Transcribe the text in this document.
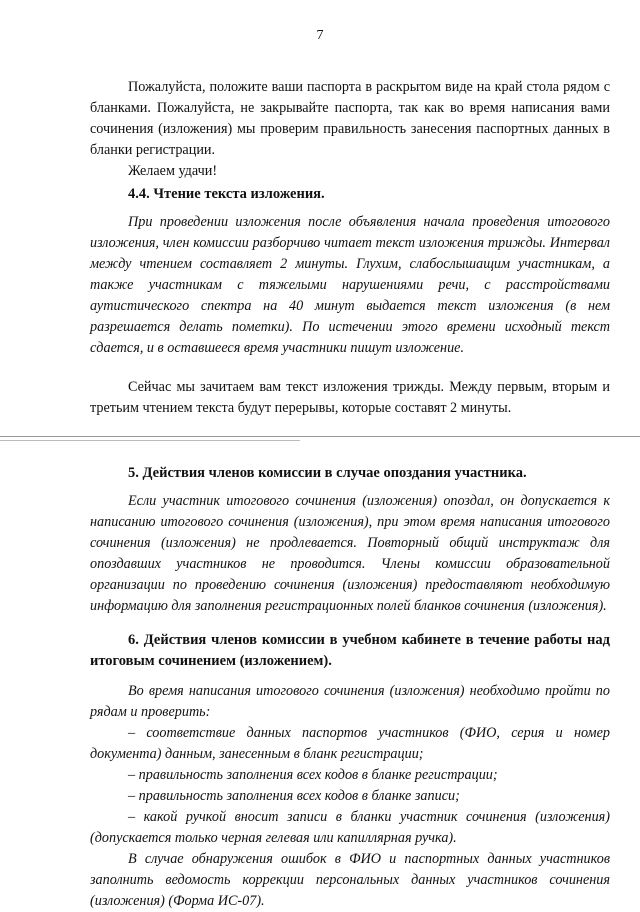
7

Пожалуйста, положите ваши паспорта в раскрытом виде на край стола рядом с бланками. Пожалуйста, не закрывайте паспорта, так как во время написания вами сочинения (изложения) мы проверим правильность занесения паспортных данных в бланки регистрации.

Желаем удачи!

4.4. Чтение текста изложения.

При проведении изложения после объявления начала проведения итогового изложения, член комиссии разборчиво читает текст изложения трижды. Интервал между чтением составляет 2 минуты. Глухим, слабослышащим участникам, а также участникам с тяжелыми нарушениями речи, с расстройствами аутистического спектра на 40 минут выдается текст изложения (в нем разрешается делать пометки). По истечении этого времени исходный текст сдается, и в оставшееся время участники пишут изложение.

Сейчас мы зачитаем вам текст изложения трижды. Между первым, вторым и третьим чтением текста будут перерывы, которые составят 2 минуты.

5. Действия членов комиссии в случае опоздания участника.

Если участник итогового сочинения (изложения) опоздал, он допускается к написанию итогового сочинения (изложения), при этом время написания итогового сочинения (изложения) не продлевается. Повторный общий инструктаж для опоздавших участников не проводится. Члены комиссии образовательной организации по проведению сочинения (изложения) предоставляют необходимую информацию для заполнения регистрационных полей бланков сочинения (изложения).

6. Действия членов комиссии в учебном кабинете в течение работы над итоговым сочинением (изложением).

Во время написания итогового сочинения (изложения) необходимо пройти по рядам и проверить:

– соответствие данных паспортов участников (ФИО, серия и номер документа) данным, занесенным в бланк регистрации;

– правильность заполнения всех кодов в бланке регистрации;

– правильность заполнения всех кодов в бланке записи;

– какой ручкой вносит записи в бланки участник сочинения (изложения) (допускается только черная гелевая или капиллярная ручка).

В случае обнаружения ошибок в ФИО и паспортных данных участников заполнить ведомость коррекции персональных данных участников сочинения (изложения) (Форма ИС-07).
